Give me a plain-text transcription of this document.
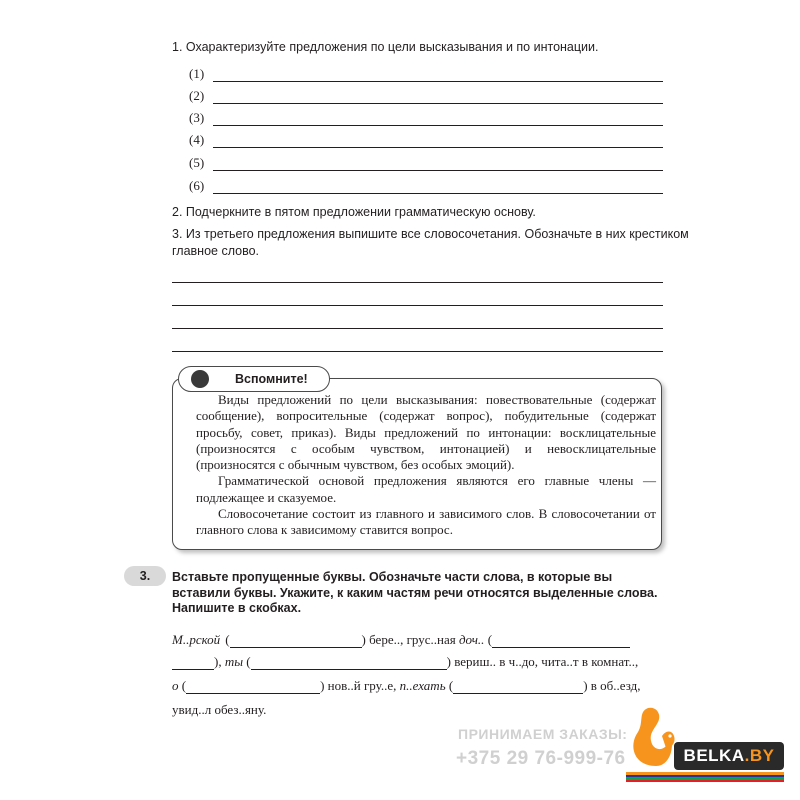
1. Охарактеризуйте предложения по цели высказывания и по интонации.
(1)
(2)
(3)
(4)
(5)
(6)
2. Подчеркните в пятом предложении грамматическую основу.
3. Из третьего предложения выпишите все словосочетания. Обозначьте в них крестиком
главное слово.
Вспомните!

Виды предложений по цели высказывания: повествовательные (содержат сообщение), вопросительные (содержат вопрос), побудительные (содержат просьбу, совет, приказ). Виды предложений по интонации: восклицательные (произносятся с особым чувством, интонацией) и невосклицательные (произносятся с обычным чувством, без особых эмоций).

Грамматической основой предложения являются его главные члены — подлежащее и сказуемое.

Словосочетание состоит из главного и зависимого слов. В словосочетании от главного слова к зависимому ставится вопрос.

3.	Вставьте пропущенные буквы. Обозначьте части слова, в которые вы вставили буквы. Укажите, к каким частям речи относятся выделенные слова. Напишите в скобках.
М..рской (	) бере.., грус..ная доч.. (
), ты (	) вериш.. в ч..до, чита..т в комнат..,
о (	) нов..й гру..е, п..ехать (	) в об..езд,
увид..л обез..яну.
ПРИНИМАЕМ ЗАКАЗЫ:
+375 29 76-999-76	BELKA.BY
